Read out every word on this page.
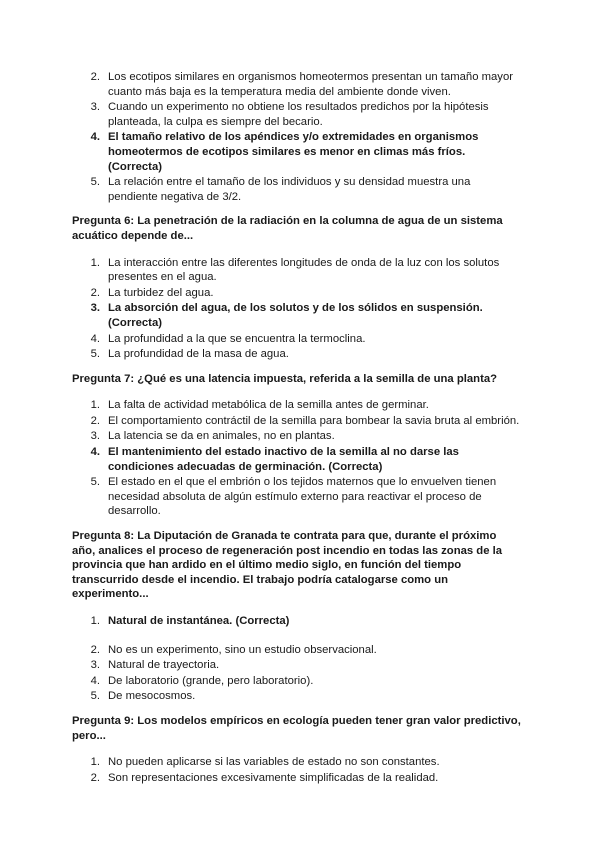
2. Los ecotipos similares en organismos homeotermos presentan un tamaño mayor cuanto más baja es la temperatura media del ambiente donde viven.
3. Cuando un experimento no obtiene los resultados predichos por la hipótesis planteada, la culpa es siempre del becario.
4. El tamaño relativo de los apéndices y/o extremidades en organismos homeotermos de ecotipos similares es menor en climas más fríos. (Correcta)
5. La relación entre el tamaño de los individuos y su densidad muestra una pendiente negativa de 3/2.

Pregunta 6: La penetración de la radiación en la columna de agua de un sistema acuático depende de...

1. La interacción entre las diferentes longitudes de onda de la luz con los solutos presentes en el agua.
2. La turbidez del agua.
3. La absorción del agua, de los solutos y de los sólidos en suspensión. (Correcta)
4. La profundidad a la que se encuentra la termoclina.
5. La profundidad de la masa de agua.

Pregunta 7: ¿Qué es una latencia impuesta, referida a la semilla de una planta?

1. La falta de actividad metabólica de la semilla antes de germinar.
2. El comportamiento contráctil de la semilla para bombear la savia bruta al embrión.
3. La latencia se da en animales, no en plantas.
4. El mantenimiento del estado inactivo de la semilla al no darse las condiciones adecuadas de germinación. (Correcta)
5. El estado en el que el embrión o los tejidos maternos que lo envuelven tienen necesidad absoluta de algún estímulo externo para reactivar el proceso de desarrollo.

Pregunta 8: La Diputación de Granada te contrata para que, durante el próximo año, analices el proceso de regeneración post incendio en todas las zonas de la provincia que han ardido en el último medio siglo, en función del tiempo transcurrido desde el incendio. El trabajo podría catalogarse como un experimento...

1. Natural de instantánea. (Correcta)
2. No es un experimento, sino un estudio observacional.
3. Natural de trayectoria.
4. De laboratorio (grande, pero laboratorio).
5. De mesocosmos.

Pregunta 9: Los modelos empíricos en ecología pueden tener gran valor predictivo, pero...

1. No pueden aplicarse si las variables de estado no son constantes.
2. Son representaciones excesivamente simplificadas de la realidad.
